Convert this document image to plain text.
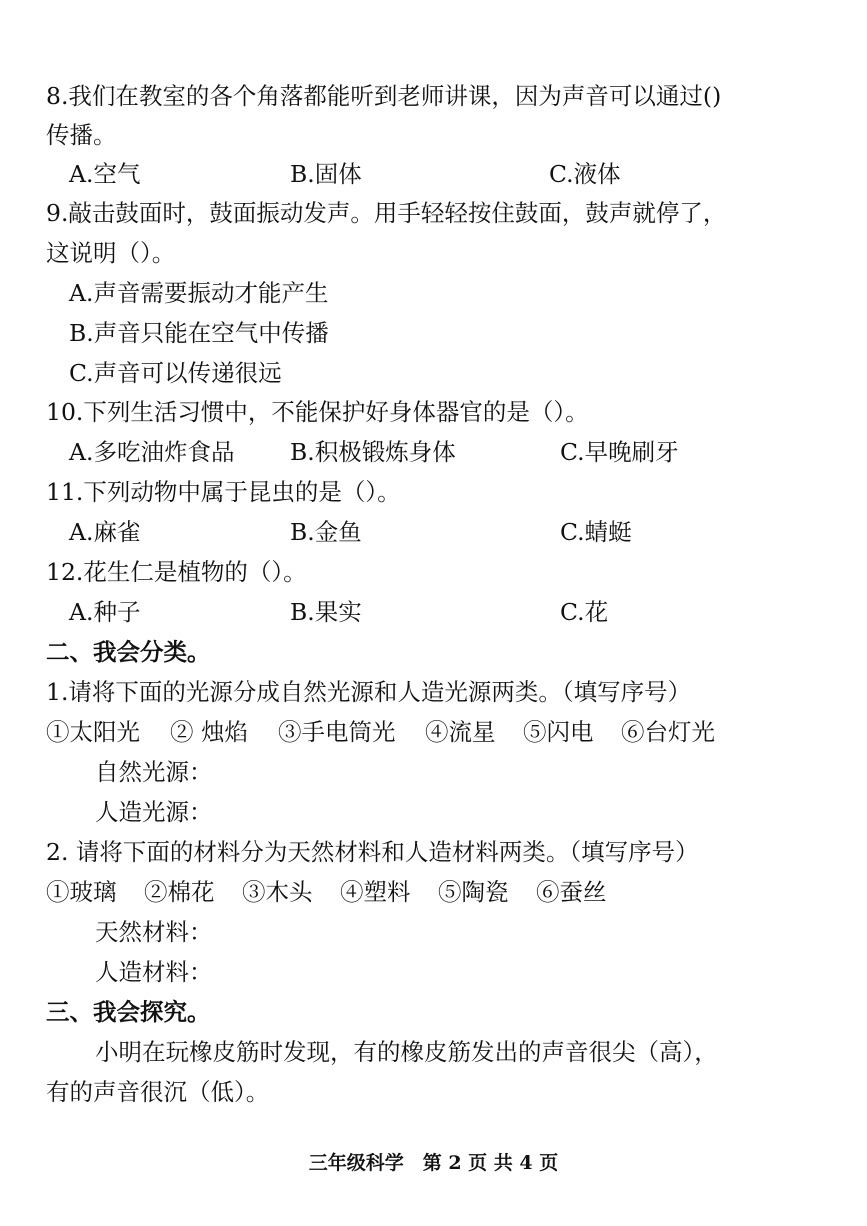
8.我们在教室的各个角落都能听到老师讲课，因为声音可以通过()
传播。
A.空气	B.固体	C.液体
9.敲击鼓面时，鼓面振动发声。用手轻轻按住鼓面，鼓声就停了，
这说明（）。
A.声音需要振动才能产生
B.声音只能在空气中传播
C.声音可以传递很远
10.下列生活习惯中，不能保护好身体器官的是（）。
A.多吃油炸食品 B.积极锻炼身体	C.早晚刷牙
11.下列动物中属于昆虫的是（）。
A.麻雀	B.金鱼	C.蜻蜓
12.花生仁是植物的（）。
A.种子	B.果实	C.花
二、我会分类。
1.请将下面的光源分成自然光源和人造光源两类。（填写序号）
①太阳光 ② 烛焰 ③手电筒光 ④流星 ⑤闪电 ⑥台灯光
自然光源：
人造光源：
2. 请将下面的材料分为天然材料和人造材料两类。（填写序号）
①玻璃 ②棉花 ③木头 ④塑料 ⑤陶瓷 ⑥蚕丝
天然材料：
人造材料：
三、我会探究。
小明在玩橡皮筋时发现，有的橡皮筋发出的声音很尖（高），
有的声音很沉（低）。
三年级科学　第 2 页 共 4 页
